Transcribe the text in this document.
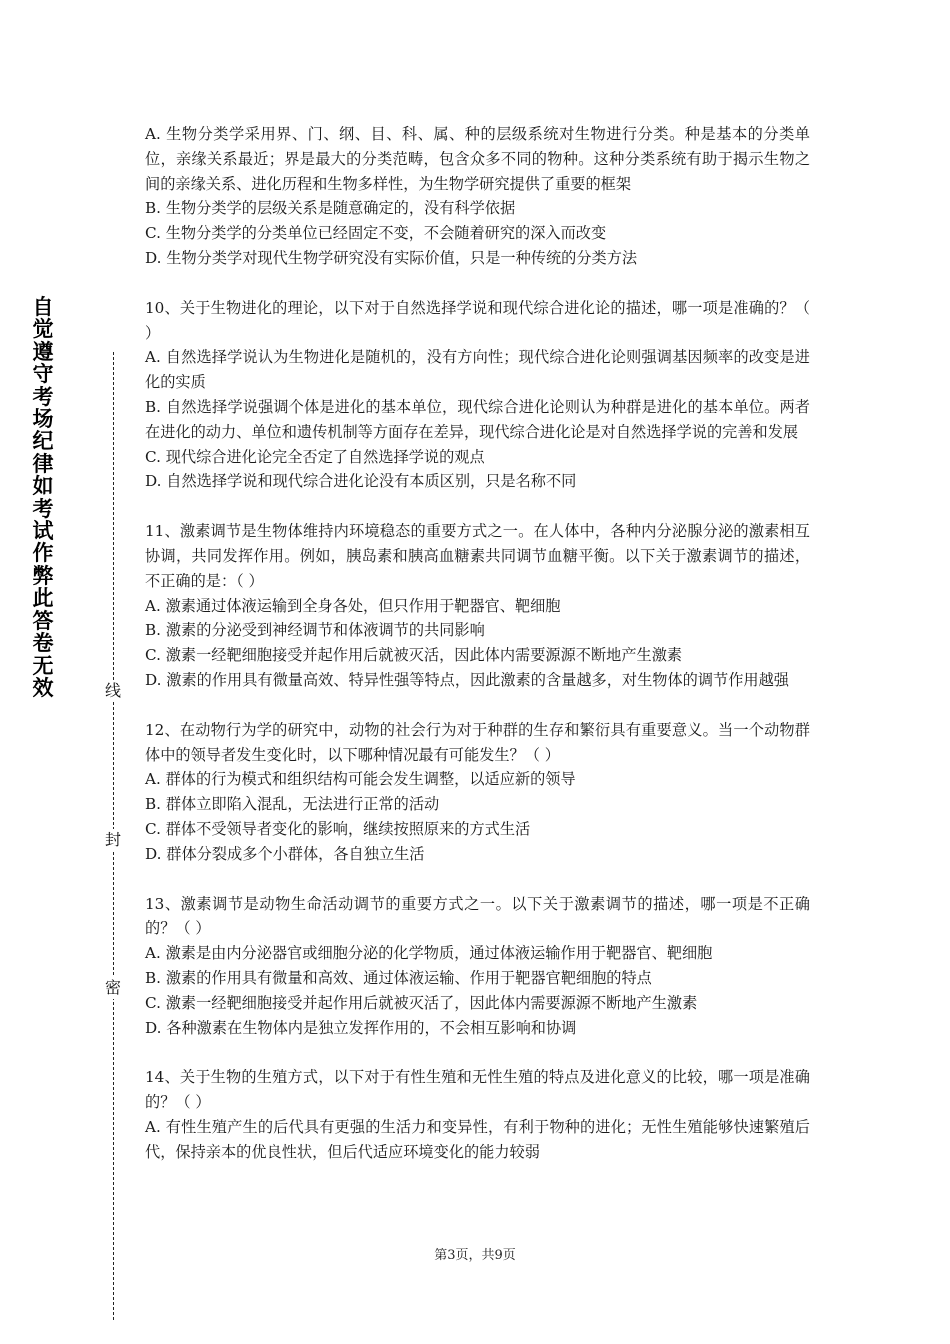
自
觉
遵
守
考
场
纪
律
如
考
试
作
弊
此
答
卷
无
效	线
封
密

A. 生物分类学采用界、门、纲、目、科、属、种的层级系统对生物进行分类。种是基本的分类单位，亲缘关系最近；界是最大的分类范畴，包含众多不同的物种。这种分类系统有助于揭示生物之间的亲缘关系、进化历程和生物多样性，为生物学研究提供了重要的框架

B. 生物分类学的层级关系是随意确定的，没有科学依据

C. 生物分类学的分类单位已经固定不变，不会随着研究的深入而改变

D. 生物分类学对现代生物学研究没有实际价值，只是一种传统的分类方法

10、关于生物进化的理论，以下对于自然选择学说和现代综合进化论的描述，哪一项是准确的？（ ）

A. 自然选择学说认为生物进化是随机的，没有方向性；现代综合进化论则强调基因频率的改变是进化的实质

B. 自然选择学说强调个体是进化的基本单位，现代综合进化论则认为种群是进化的基本单位。两者在进化的动力、单位和遗传机制等方面存在差异，现代综合进化论是对自然选择学说的完善和发展

C. 现代综合进化论完全否定了自然选择学说的观点

D. 自然选择学说和现代综合进化论没有本质区别，只是名称不同

11、激素调节是生物体维持内环境稳态的重要方式之一。在人体中，各种内分泌腺分泌的激素相互协调，共同发挥作用。例如，胰岛素和胰高血糖素共同调节血糖平衡。以下关于激素调节的描述，不正确的是：（ ）

A. 激素通过体液运输到全身各处，但只作用于靶器官、靶细胞

B. 激素的分泌受到神经调节和体液调节的共同影响

C. 激素一经靶细胞接受并起作用后就被灭活，因此体内需要源源不断地产生激素

D. 激素的作用具有微量高效、特异性强等特点，因此激素的含量越多，对生物体的调节作用越强

12、在动物行为学的研究中，动物的社会行为对于种群的生存和繁衍具有重要意义。当一个动物群体中的领导者发生变化时，以下哪种情况最有可能发生？（ ）

A. 群体的行为模式和组织结构可能会发生调整，以适应新的领导

B. 群体立即陷入混乱，无法进行正常的活动

C. 群体不受领导者变化的影响，继续按照原来的方式生活

D. 群体分裂成多个小群体，各自独立生活

13、激素调节是动物生命活动调节的重要方式之一。以下关于激素调节的描述，哪一项是不正确的？（ ）

A. 激素是由内分泌器官或细胞分泌的化学物质，通过体液运输作用于靶器官、靶细胞

B. 激素的作用具有微量和高效、通过体液运输、作用于靶器官靶细胞的特点

C. 激素一经靶细胞接受并起作用后就被灭活了，因此体内需要源源不断地产生激素

D. 各种激素在生物体内是独立发挥作用的，不会相互影响和协调

14、关于生物的生殖方式，以下对于有性生殖和无性生殖的特点及进化意义的比较，哪一项是准确的？（ ）

A. 有性生殖产生的后代具有更强的生活力和变异性，有利于物种的进化；无性生殖能够快速繁殖后代，保持亲本的优良性状，但后代适应环境变化的能力较弱

第3页，共9页
